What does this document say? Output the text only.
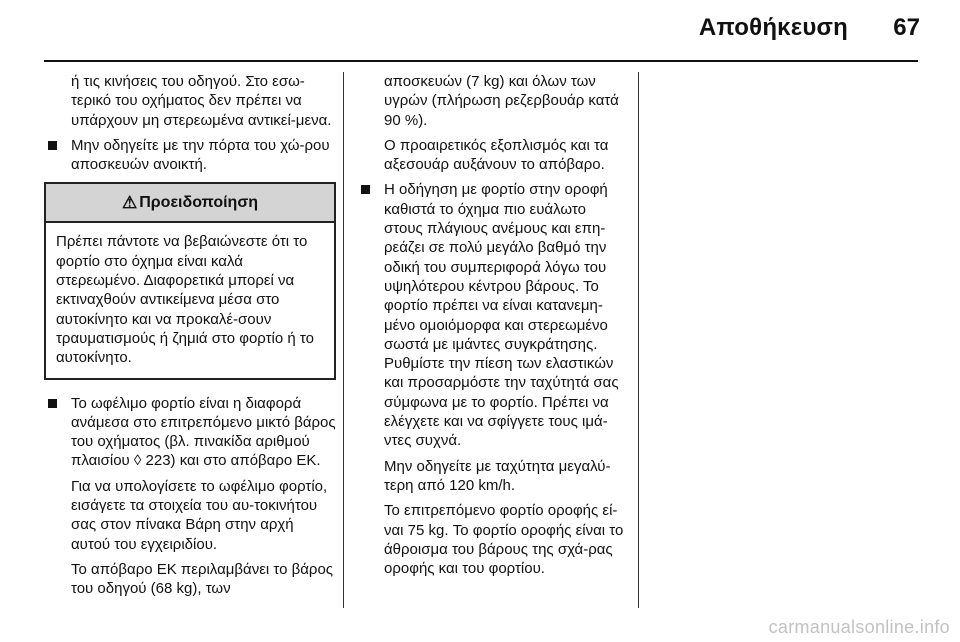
Αποθήκευση 67
ή τις κινήσεις του οδηγού. Στο εσω-τερικό του οχήματος δεν πρέπει να υπάρχουν μη στερεωμένα αντικεί-μενα.
Μην οδηγείτε με την πόρτα του χώ-ρου αποσκευών ανοικτή.
⚠ Προειδοποίηση
Πρέπει πάντοτε να βεβαιώνεστε ότι το φορτίο στο όχημα είναι καλά στερεωμένο. Διαφορετικά μπορεί να εκτιναχθούν αντικείμενα μέσα στο αυτοκίνητο και να προκαλέ-σουν τραυματισμούς ή ζημιά στο φορτίο ή το αυτοκίνητο.
Το ωφέλιμο φορτίο είναι η διαφορά ανάμεσα στο επιτρεπόμενο μικτό βάρος του οχήματος (βλ. πινακίδα αριθμού πλαισίου ◊ 223) και στο απόβαρο ΕΚ.
Για να υπολογίσετε το ωφέλιμο φορτίο, εισάγετε τα στοιχεία του αυ-τοκινήτου σας στον πίνακα Βάρη στην αρχή αυτού του εγχειριδίου.
Το απόβαρο ΕΚ περιλαμβάνει το βάρος του οδηγού (68 kg), των
αποσκευών (7 kg) και όλων των υγρών (πλήρωση ρεζερβουάρ κατά 90 %).
Ο προαιρετικός εξοπλισμός και τα αξεσουάρ αυξάνουν το απόβαρο.
Η οδήγηση με φορτίο στην οροφή καθιστά το όχημα πιο ευάλωτο στους πλάγιους ανέμους και επη-ρεάζει σε πολύ μεγάλο βαθμό την οδική του συμπεριφορά λόγω του υψηλότερου κέντρου βάρους. Το φορτίο πρέπει να είναι κατανεμη-μένο ομοιόμορφα και στερεωμένο σωστά με ιμάντες συγκράτησης. Ρυθμίστε την πίεση των ελαστικών και προσαρμόστε την ταχύτητά σας σύμφωνα με το φορτίο. Πρέπει να ελέγχετε και να σφίγγετε τους ιμά-ντες συχνά.
Μην οδηγείτε με ταχύτητα μεγαλύ-τερη από 120 km/h.
Το επιτρεπόμενο φορτίο οροφής εί-ναι 75 kg. Το φορτίο οροφής είναι το άθροισμα του βάρους της σχά-ρας οροφής και του φορτίου.
carmanualsonline.info
